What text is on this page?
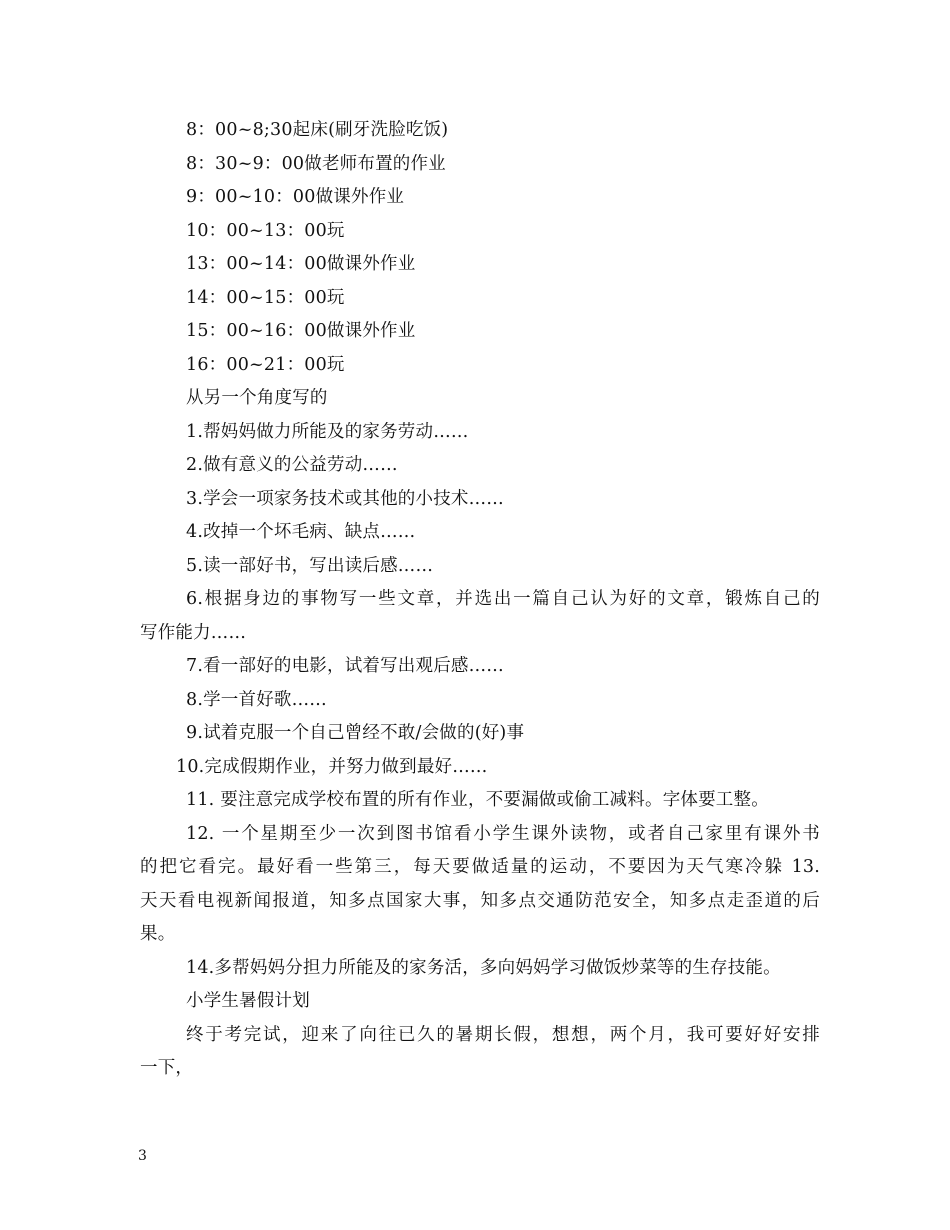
8：00~8;30起床(刷牙洗脸吃饭)
8：30~9：00做老师布置的作业
9：00~10：00做课外作业
10：00~13：00玩
13：00~14：00做课外作业
14：00~15：00玩
15：00~16：00做课外作业
16：00~21：00玩
从另一个角度写的
1.帮妈妈做力所能及的家务劳动……
2.做有意义的公益劳动……
3.学会一项家务技术或其他的小技术……
4.改掉一个坏毛病、缺点……
5.读一部好书，写出读后感……
6.根据身边的事物写一些文章，并选出一篇自己认为好的文章，锻炼自己的
写作能力……
7.看一部好的电影，试着写出观后感……
8.学一首好歌……
9.试着克服一个自己曾经不敢/会做的(好)事
10.完成假期作业，并努力做到最好……
11. 要注意完成学校布置的所有作业，不要漏做或偷工减料。字体要工整。
12. 一个星期至少一次到图书馆看小学生课外读物，或者自己家里有课外书
的把它看完。最好看一些第三，每天要做适量的运动，不要因为天气寒冷躲 13.
天天看电视新闻报道，知多点国家大事，知多点交通防范安全，知多点走歪道的后
果。
14.多帮妈妈分担力所能及的家务活，多向妈妈学习做饭炒菜等的生存技能。
小学生暑假计划
终于考完试，迎来了向往已久的暑期长假，想想，两个月，我可要好好安排
一下，
3
